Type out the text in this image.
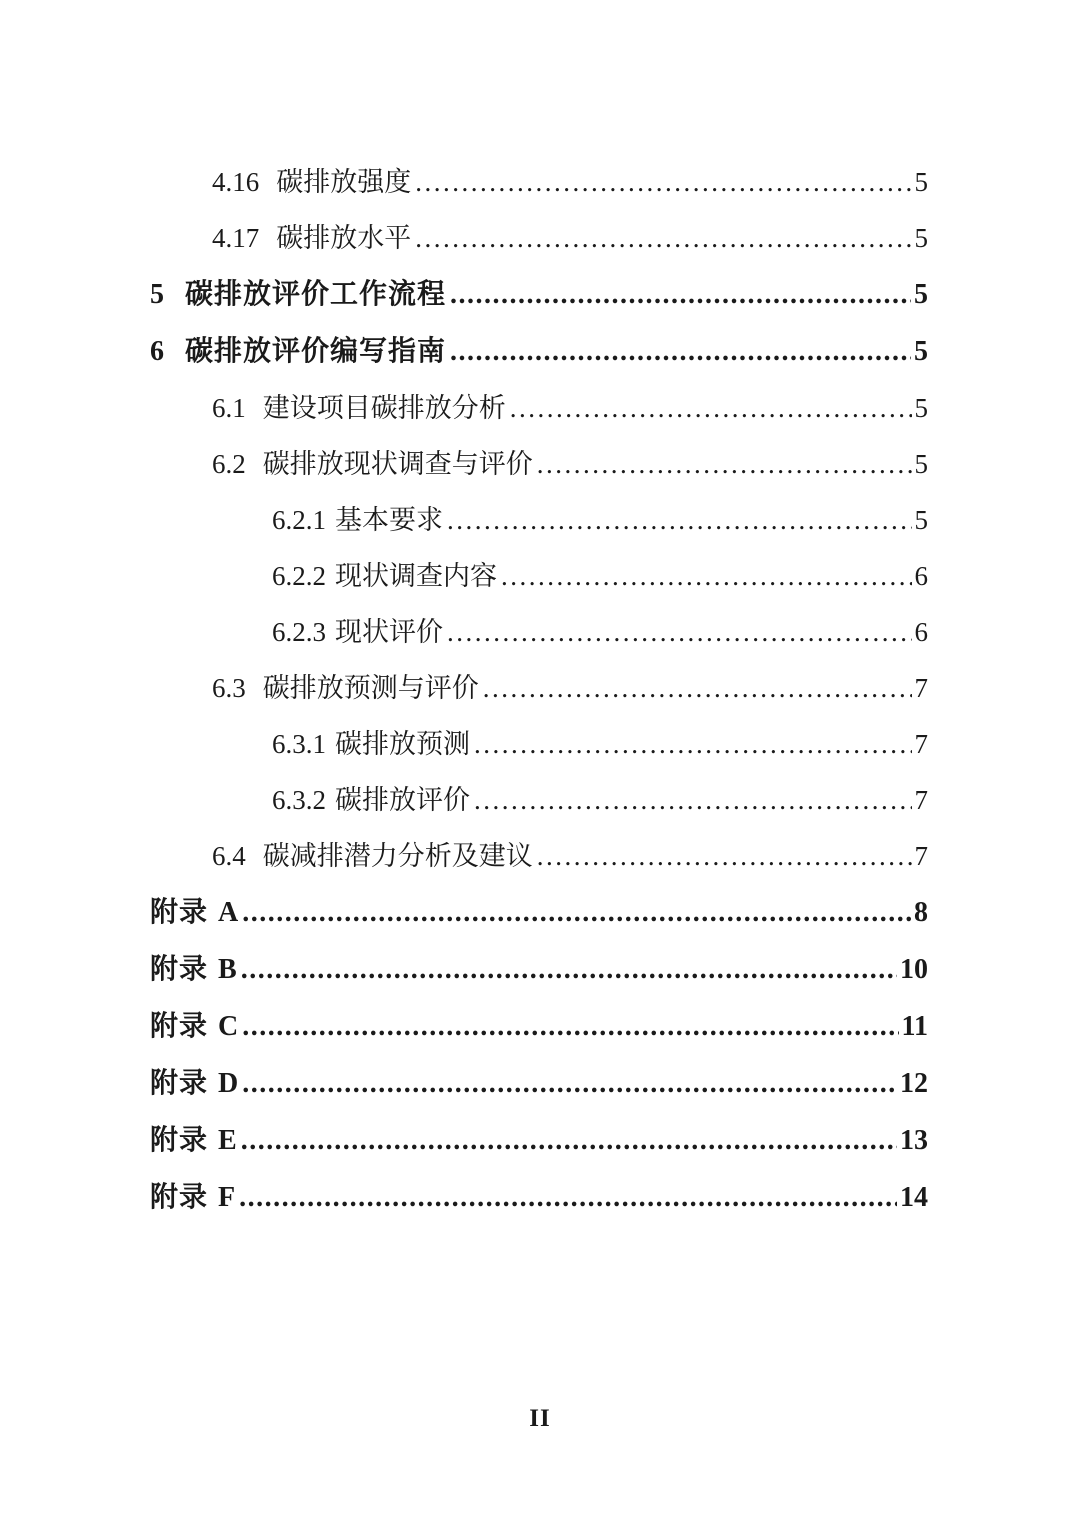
4.16 碳排放强度 .....	5
4.17 碳排放水平 .....	5
5 碳排放评价工作流程 .....	5
6 碳排放评价编写指南 .....	5
6.1 建设项目碳排放分析 .....	5
6.2 碳排放现状调查与评价 .....	5
6.2.1 基本要求 .....	5
6.2.2 现状调查内容 .....	6
6.2.3 现状评价 .....	6
6.3 碳排放预测与评价 .....	7
6.3.1 碳排放预测 .....	7
6.3.2 碳排放评价 .....	7
6.4 碳减排潜力分析及建议 .....	7
附录 A .....	8
附录 B .....	10
附录 C .....	11
附录 D .....	12
附录 E .....	13
附录 F .....	14
II
